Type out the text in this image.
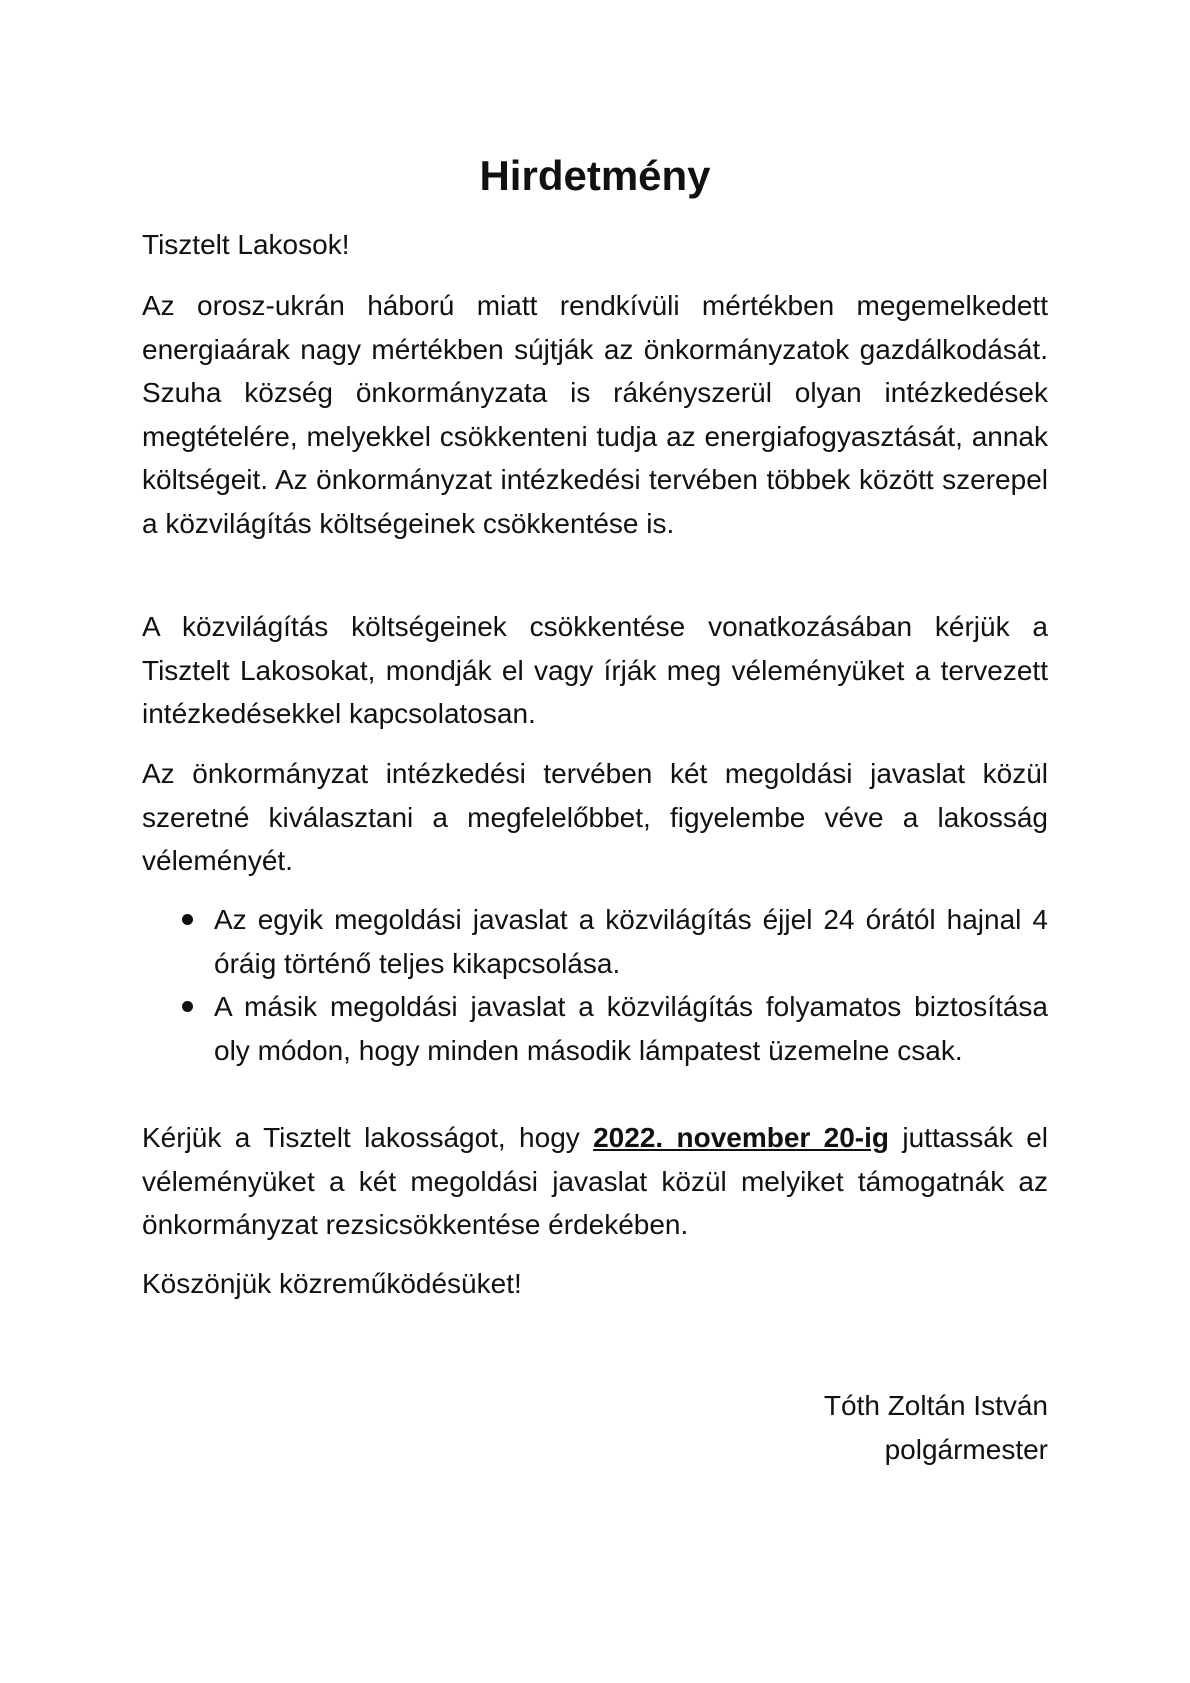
Hirdetmény

Tisztelt Lakosok!

Az orosz-ukrán háború miatt rendkívüli mértékben megemelkedett energiaárak nagy mértékben sújtják az önkormányzatok gazdálkodását. Szuha község önkormányzata is rákényszerül olyan intézkedések megtételére, melyekkel csökkenteni tudja az energiafogyasztását, annak költségeit. Az önkormányzat intézkedési tervében többek között szerepel a közvilágítás költségeinek csökkentése is.

A közvilágítás költségeinek csökkentése vonatkozásában kérjük a Tisztelt Lakosokat, mondják el vagy írják meg véleményüket a tervezett intézkedésekkel kapcsolatosan.

Az önkormányzat intézkedési tervében két megoldási javaslat közül szeretné kiválasztani a megfelelőbbet, figyelembe véve a lakosság véleményét.

Az egyik megoldási javaslat a közvilágítás éjjel 24 órától hajnal 4 óráig történő teljes kikapcsolása.
A másik megoldási javaslat a közvilágítás folyamatos biztosítása oly módon, hogy minden második lámpatest üzemelne csak.

Kérjük a Tisztelt lakosságot, hogy 2022. november 20-ig juttassák el véleményüket a két megoldási javaslat közül melyiket támogatnák az önkormányzat rezsicsökkentése érdekében.

Köszönjük közreműködésüket!

Tóth Zoltán István
polgármester
